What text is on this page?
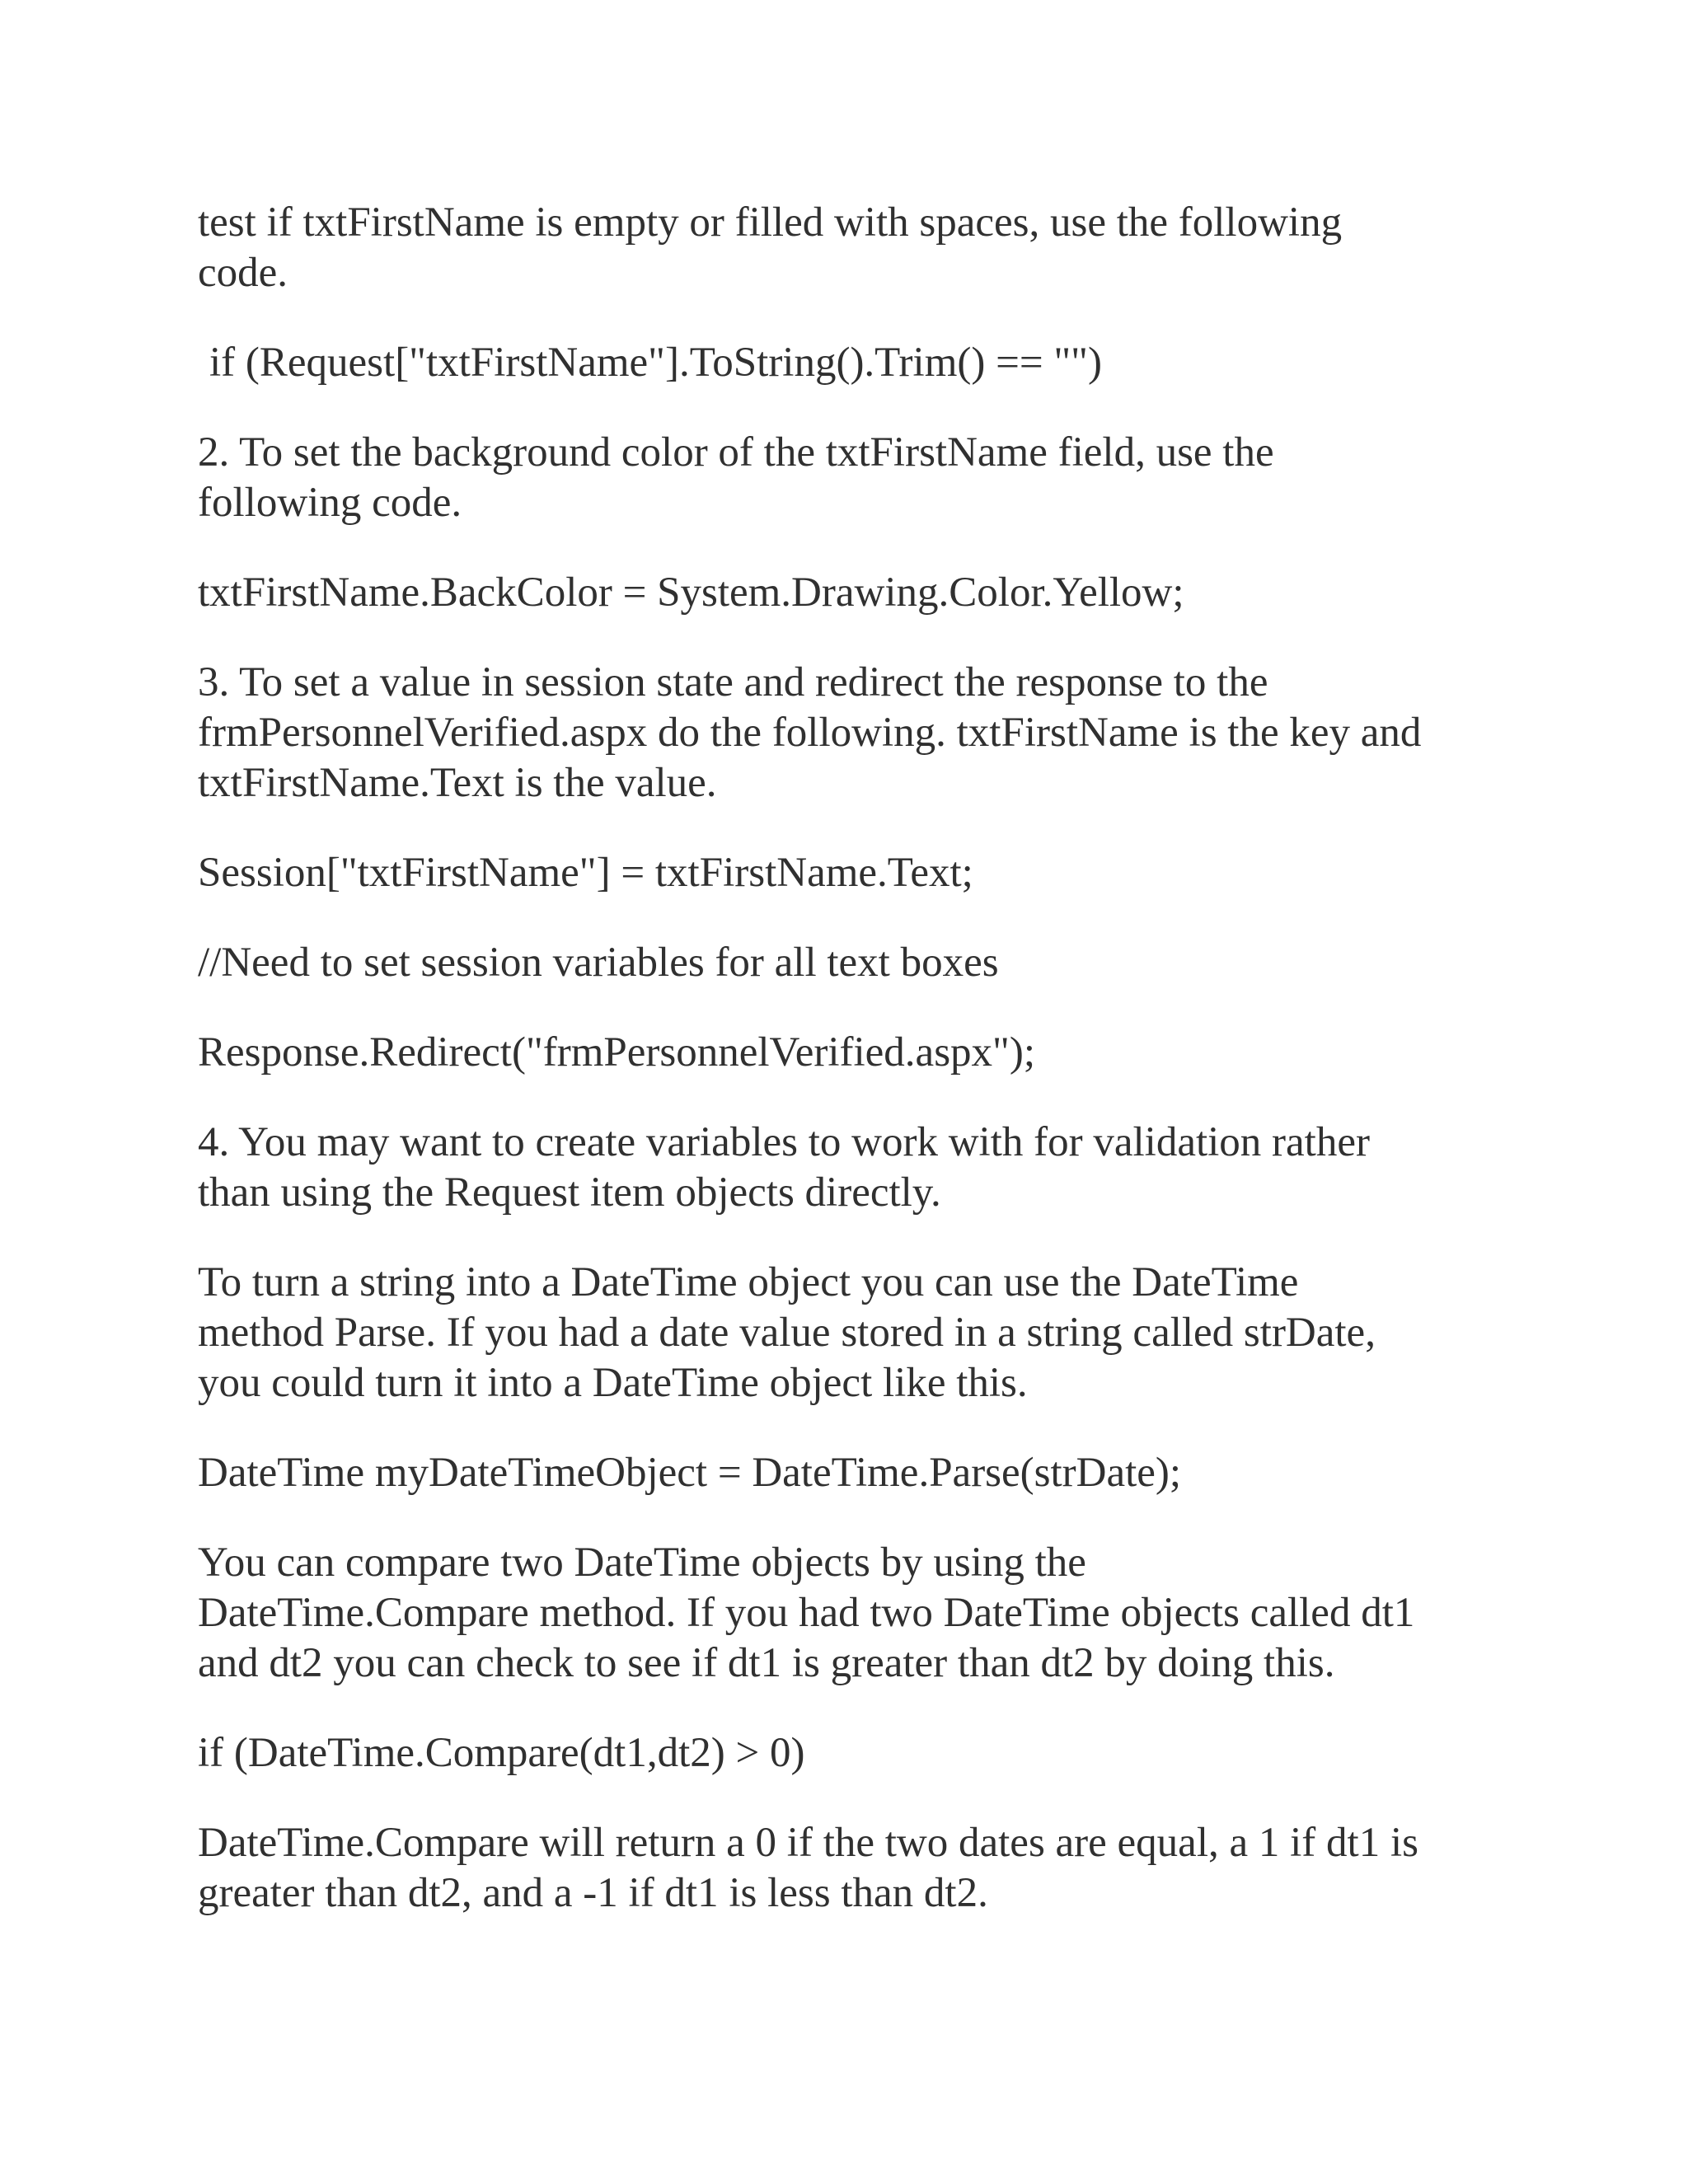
test if txtFirstName is empty or filled with spaces, use the following
code.

if (Request["txtFirstName"].ToString().Trim() == "")

2. To set the background color of the txtFirstName field, use the
following code.

txtFirstName.BackColor = System.Drawing.Color.Yellow;

3. To set a value in session state and redirect the response to the
frmPersonnelVerified.aspx do the following. txtFirstName is the key and
txtFirstName.Text is the value.

Session["txtFirstName"] = txtFirstName.Text;

//Need to set session variables for all text boxes

Response.Redirect("frmPersonnelVerified.aspx");

4. You may want to create variables to work with for validation rather
than using the Request item objects directly.

To turn a string into a DateTime object you can use the DateTime
method Parse. If you had a date value stored in a string called strDate,
you could turn it into a DateTime object like this.

DateTime myDateTimeObject = DateTime.Parse(strDate);

You can compare two DateTime objects by using the
DateTime.Compare method. If you had two DateTime objects called dt1
and dt2 you can check to see if dt1 is greater than dt2 by doing this.

if (DateTime.Compare(dt1,dt2) > 0)

DateTime.Compare will return a 0 if the two dates are equal, a 1 if dt1 is
greater than dt2, and a -1 if dt1 is less than dt2.
